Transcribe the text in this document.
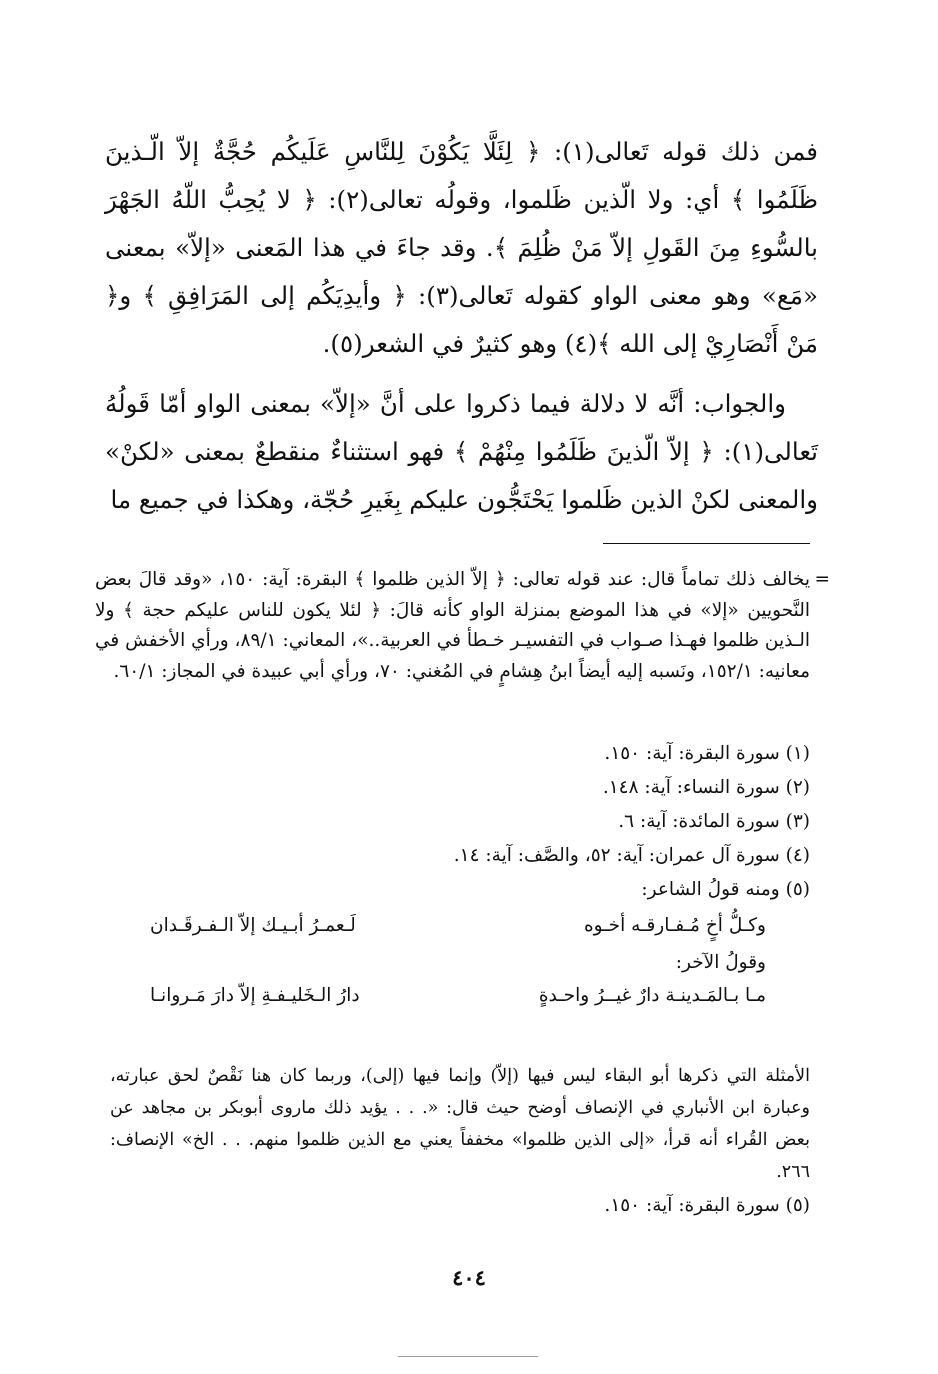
فمن ذلك قوله تَعالى(١): ﴿ لِئَلَّا يَكُوْنَ لِلنَّاسِ عَلَيكُم حُجَّةٌ إلاّ الّـذينَ ظَلَمُوا ﴾ أي: ولا الّذين ظَلموا، وقولُه تعالى(٢): ﴿ لا يُحِبُّ اللّهُ الجَهْرَ بالسُّوءِ مِنَ القَولِ إلاّ مَنْ ظُلِمَ ﴾. وقد جاءَ في هذا المَعنى «إلاّ» بمعنى «مَع» وهو معنى الواو كقوله تَعالى(٣): ﴿ وأيدِيَكُم إلى المَرَافِقِ ﴾ و﴿ مَنْ أَنْصَارِيْ إلى الله ﴾(٤) وهو كثيرٌ في الشعر(٥).

والجواب: أنَّه لا دلالة فيما ذكروا على أنَّ «إلاّ» بمعنى الواو أمّا قَولُهُ تَعالى(١): ﴿ إلاّ الّذينَ ظَلَمُوا مِنْهُمْ ﴾ فهو استثناءٌ منقطعٌ بمعنى «لكنْ» والمعنى لكنْ الذين ظَلموا يَحْتَجُّون عليكم بِغَيرِ حُجّة، وهكذا في جميع ما

=
يخالف ذلك تماماً قال: عند قوله تعالى: ﴿ إلاّ الذين ظلموا ﴾ البقرة: آية: ١٥٠، «وقد قالَ بعض النَّحويين «إلا» في هذا الموضع بمنزلة الواو كأنه قالَ: ﴿ لئلا يكون للناس عليكم حجة ﴾ ولا الـذين ظلموا فهـذا صـواب في التفسيـر خـطأ في العربية..»، المعاني: ٨٩/١، ورأي الأخفش في معانيه: ١٥٢/١، ونَسبه إليه أيضاً ابنُ هِشامٍ في المُغني: ٧٠، ورأي أبي عبيدة في المجاز: ٦٠/١.
(١) سورة البقرة: آية: ١٥٠.
(٢) سورة النساء: آية: ١٤٨.
(٣) سورة المائدة: آية: ٦.
(٤) سورة آل عمران: آية: ٥٢، والصَّف: آية: ١٤.
(٥) ومنه قولُ الشاعر:
وكـلُّ أخٍ مُـفـارقـه أخـوه
لَـعمـرُ أبـيـك إلاّ الـفـرقَـدان
وقولُ الآخر:
مـا بـالمَـدينـة دارٌ غيــرُ واحـدةٍ
دارُ الـخَليـفـةِ إلاّ دارَ مَـروانـا

الأمثلة التي ذكرها أبو البقاء ليس فيها (إلاّ) وإنما فيها (إلى)، وربما كان هنا نَقْصٌ لحق عبارته، وعبارة ابن الأنباري في الإنصاف أوضح حيث قال: «. . . يؤيد ذلك ماروى أبوبكر بن مجاهد عن بعض القُراء أنه قرأ، «إلى الذين ظلموا» مخففاً يعني مع الذين ظلموا منهم. . . الخ» الإنصاف: ٢٦٦.

(٥) سورة البقرة: آية: ١٥٠.

٤٠٤
